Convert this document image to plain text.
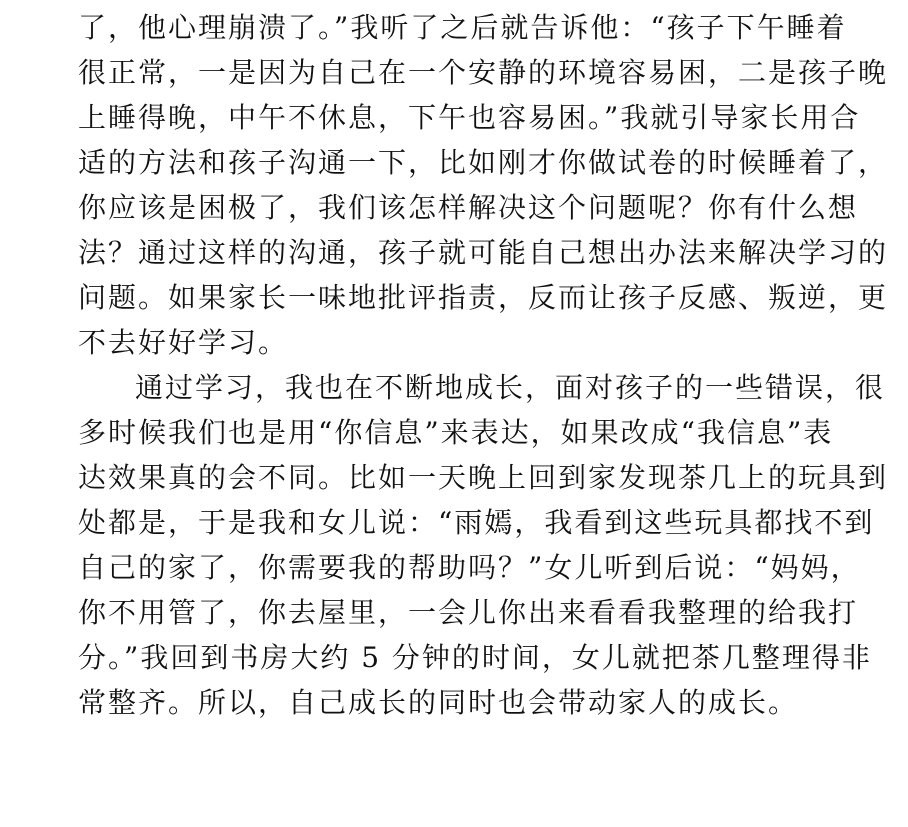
了，他心理崩溃了。”我听了之后就告诉他：“孩子下午睡着
很正常，一是因为自己在一个安静的环境容易困，二是孩子晚
上睡得晚，中午不休息，下午也容易困。”我就引导家长用合
适的方法和孩子沟通一下，比如刚才你做试卷的时候睡着了，
你应该是困极了，我们该怎样解决这个问题呢？你有什么想
法？通过这样的沟通，孩子就可能自己想出办法来解决学习的
问题。如果家长一味地批评指责，反而让孩子反感、叛逆，更
不去好好学习。
通过学习，我也在不断地成长，面对孩子的一些错误，很
多时候我们也是用“你信息”来表达，如果改成“我信息”表
达效果真的会不同。比如一天晚上回到家发现茶几上的玩具到
处都是，于是我和女儿说：“雨嫣，我看到这些玩具都找不到
自己的家了，你需要我的帮助吗？”女儿听到后说：“妈妈，
你不用管了，你去屋里，一会儿你出来看看我整理的给我打
分。”我回到书房大约 5 分钟的时间，女儿就把茶几整理得非
常整齐。所以，自己成长的同时也会带动家人的成长。
